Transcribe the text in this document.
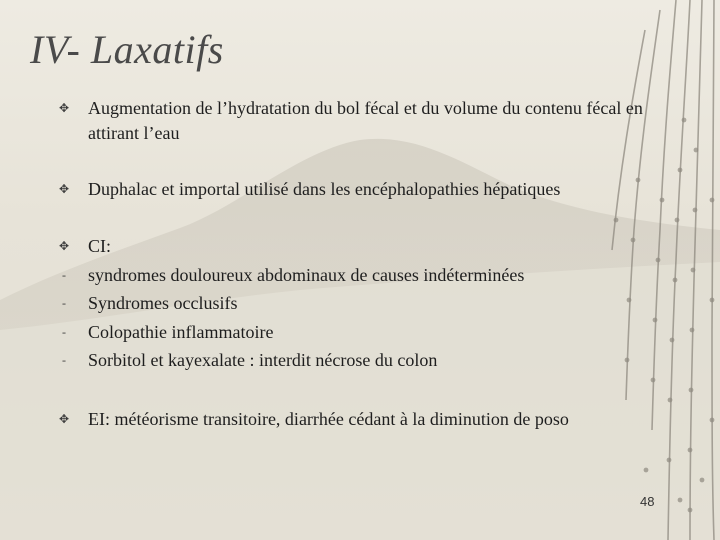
IV- Laxatifs
✥ Augmentation de l’hydratation du bol fécal et du volume du contenu fécal en attirant l’eau
✥ Duphalac et importal utilisé dans les encéphalopathies hépatiques
✥ CI:
- syndromes douloureux abdominaux de causes indéterminées
- Syndromes occlusifs
- Colopathie inflammatoire
- Sorbitol et kayexalate : interdit nécrose du colon
✥ EI: météorisme transitoire, diarrhée cédant à la diminution de poso
48
